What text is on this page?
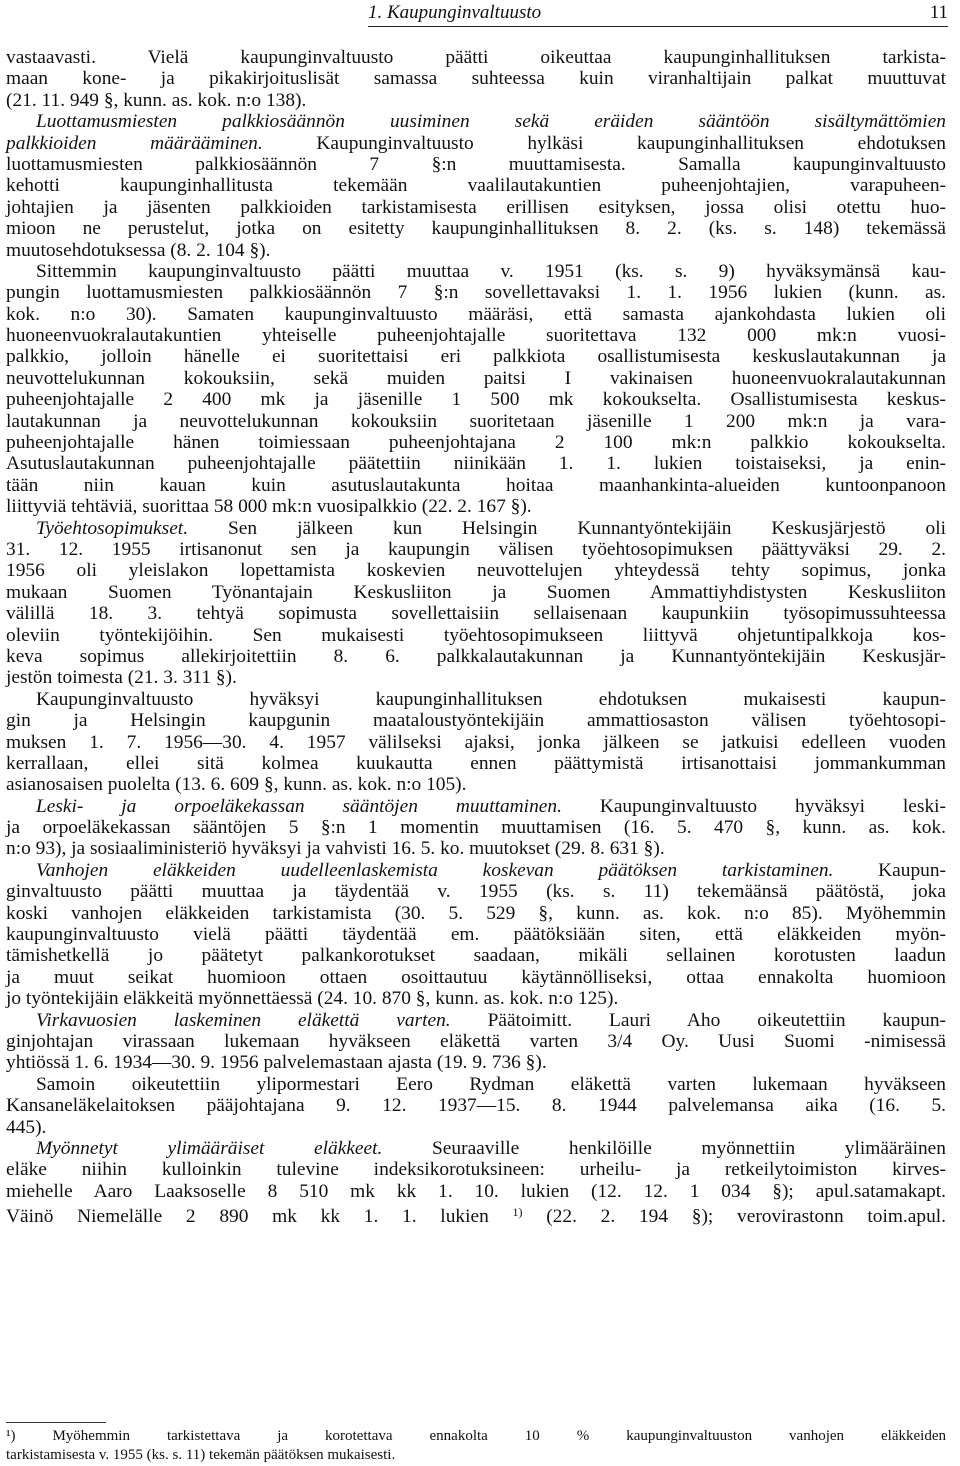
1. Kaupunginvaltuusto	11
vastaavasti. Vielä kaupunginvaltuusto päätti oikeuttaa kaupunginhallituksen tarkista-
maan kone- ja pikakirjoituslisät samassa suhteessa kuin viranhaltijain palkat muuttuvat
(21. 11. 949 §, kunn. as. kok. n:o 138).
Luottamusmiesten palkkiosäännön uusiminen sekä eräiden sääntöön sisältymättömien
palkkioiden määrääminen. Kaupunginvaltuusto hylkäsi kaupunginhallituksen ehdotuksen
luottamusmiesten palkkiosäännön 7 §:n muuttamisesta. Samalla kaupunginvaltuusto
kehotti kaupunginhallitusta tekemään vaalilautakuntien puheenjohtajien, varapuheen-
johtajien ja jäsenten palkkioiden tarkistamisesta erillisen esityksen, jossa olisi otettu huo-
mioon ne perustelut, jotka on esitetty kaupunginhallituksen 8. 2. (ks. s. 148) tekemässä
muutosehdotuksessa (8. 2. 104 §).
Sittemmin kaupunginvaltuusto päätti muuttaa v. 1951 (ks. s. 9) hyväksymänsä kau-
pungin luottamusmiesten palkkiosäännön 7 §:n sovellettavaksi 1. 1. 1956 lukien (kunn. as.
kok. n:o 30). Samaten kaupunginvaltuusto määräsi, että samasta ajankohdasta lukien oli
huoneenvuokralautakuntien yhteiselle puheenjohtajalle suoritettava 132 000 mk:n vuosi-
palkkio, jolloin hänelle ei suoritettaisi eri palkkiota osallistumisesta keskuslautakunnan ja
neuvottelukunnan kokouksiin, sekä muiden paitsi I vakinaisen huoneenvuokralautakunnan
puheenjohtajalle 2 400 mk ja jäsenille 1 500 mk kokoukselta. Osallistumisesta keskus-
lautakunnan ja neuvottelukunnan kokouksiin suoritetaan jäsenille 1 200 mk:n ja vara-
puheenjohtajalle hänen toimiessaan puheenjohtajana 2 100 mk:n palkkio kokoukselta.
Asutuslautakunnan puheenjohtajalle päätettiin niinikään 1. 1. lukien toistaiseksi, ja enin-
tään niin kauan kuin asutuslautakunta hoitaa maanhankinta-alueiden kuntoonpanoon
liittyviä tehtäviä, suorittaa 58 000 mk:n vuosipalkkio (22. 2. 167 §).
Työehtosopimukset. Sen jälkeen kun Helsingin Kunnantyöntekijäin Keskusjärjestö oli
31. 12. 1955 irtisanonut sen ja kaupungin välisen työehtosopimuksen päättyväksi 29. 2.
1956 oli yleislakon lopettamista koskevien neuvottelujen yhteydessä tehty sopimus, jonka
mukaan Suomen Työnantajain Keskusliiton ja Suomen Ammattiyhdistysten Keskusliiton
välillä 18. 3. tehtyä sopimusta sovellettaisiin sellaisenaan kaupunkiin työsopimussuhteessa
oleviin työntekijöihin. Sen mukaisesti työehtosopimukseen liittyvä ohjetuntipalkkoja kos-
keva sopimus allekirjoitettiin 8. 6. palkkalautakunnan ja Kunnantyöntekijäin Keskusjär-
jestön toimesta (21. 3. 311 §).
Kaupunginvaltuusto hyväksyi kaupunginhallituksen ehdotuksen mukaisesti kaupun-
gin ja Helsingin kaupgunin maataloustyöntekijäin ammattiosaston välisen työehtosopi-
muksen 1. 7. 1956—30. 4. 1957 välilseksi ajaksi, jonka jälkeen se jatkuisi edelleen vuoden
kerrallaan, ellei sitä kolmea kuukautta ennen päättymistä irtisanottaisi jommankumman
asianosaisen puolelta (13. 6. 609 §, kunn. as. kok. n:o 105).
Leski- ja orpoeläkekassan sääntöjen muuttaminen. Kaupunginvaltuusto hyväksyi leski-
ja orpoeläkekassan sääntöjen 5 §:n 1 momentin muuttamisen (16. 5. 470 §, kunn. as. kok.
n:o 93), ja sosiaaliministeriö hyväksyi ja vahvisti 16. 5. ko. muutokset (29. 8. 631 §).
Vanhojen eläkkeiden uudelleenlaskemista koskevan päätöksen tarkistaminen. Kaupun-
ginvaltuusto päätti muuttaa ja täydentää v. 1955 (ks. s. 11) tekemäänsä päätöstä, joka
koski vanhojen eläkkeiden tarkistamista (30. 5. 529 §, kunn. as. kok. n:o 85). Myöhemmin
kaupunginvaltuusto vielä päätti täydentää em. päätöksiään siten, että eläkkeiden myön-
tämishetkellä jo päätetyt palkankorotukset saadaan, mikäli sellainen korotusten laadun
ja muut seikat huomioon ottaen osoittautuu käytännölliseksi, ottaa ennakolta huomioon
jo työntekijäin eläkkeitä myönnettäessä (24. 10. 870 §, kunn. as. kok. n:o 125).
Virkavuosien laskeminen eläkettä varten. Päätoimitt. Lauri Aho oikeutettiin kaupun-
ginjohtajan virassaan lukemaan hyväkseen eläkettä varten 3/4 Oy. Uusi Suomi -nimisessä
yhtiössä 1. 6. 1934—30. 9. 1956 palvelemastaan ajasta (19. 9. 736 §).
Samoin oikeutettiin ylipormestari Eero Rydman eläkettä varten lukemaan hyväkseen
Kansaneläkelaitoksen pääjohtajana 9. 12. 1937—15. 8. 1944 palvelemansa aika (16. 5.
445).
Myönnetyt ylimääräiset eläkkeet. Seuraaville henkilöille myönnettiin ylimääräinen
eläke niihin kulloinkin tulevine indeksikorotuksineen: urheilu- ja retkeilytoimiston kirves-
miehelle Aaro Laaksoselle 8 510 mk kk 1. 10. lukien (12. 12. 1 034 §); apul.satamakapt.
Väinö Niemelälle 2 890 mk kk 1. 1. lukien $^{1)}$ (22. 2. 194 §); verovirastonn toim.apul.
¹) Myöhemmin tarkistettava ja korotettava ennakolta 10 % kaupunginvaltuuston vanhojen eläkkeiden
tarkistamisesta v. 1955 (ks. s. 11) tekemän päätöksen mukaisesti.
